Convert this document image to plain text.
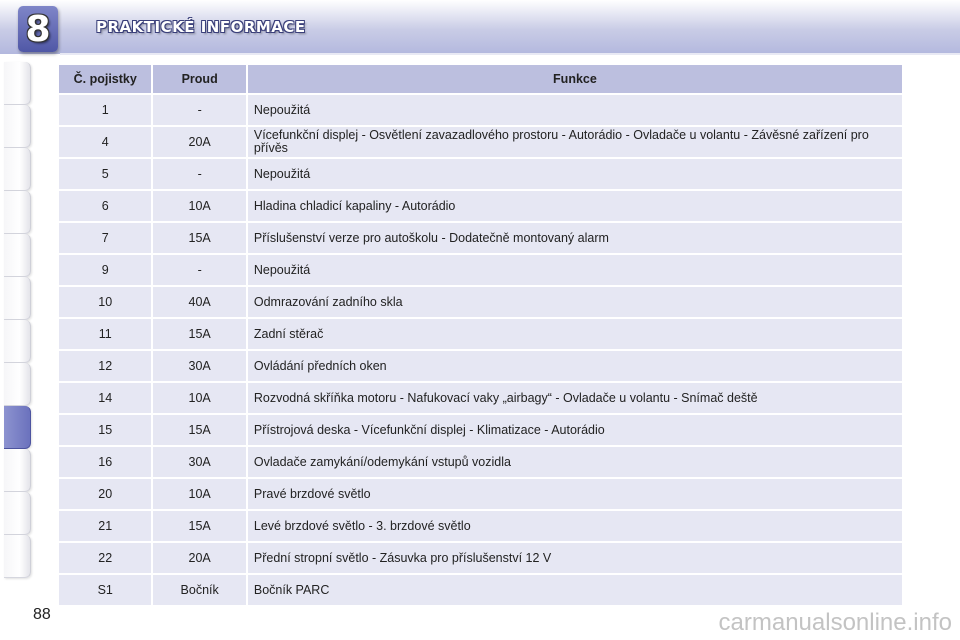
8	PRAKTICKÉ INFORMACE
Č. pojistky	Proud	Funkce
1	-	Nepoužitá
4	20A	Vícefunkční displej - Osvětlení zavazadlového prostoru - Autorádio - Ovladače u volantu - Závěsné zařízení pro přívěs
5	-	Nepoužitá
6	10A	Hladina chladicí kapaliny - Autorádio
7	15A	Příslušenství verze pro autoškolu - Dodatečně montovaný alarm
9	-	Nepoužitá
10	40A	Odmrazování zadního skla
11	15A	Zadní stěrač
12	30A	Ovládání předních oken
14	10A	Rozvodná skříňka motoru - Nafukovací vaky „airbagy“ - Ovladače u volantu - Snímač deště
15	15A	Přístrojová deska - Vícefunkční displej - Klimatizace - Autorádio
16	30A	Ovladače zamykání/odemykání vstupů vozidla
20	10A	Pravé brzdové světlo
21	15A	Levé brzdové světlo - 3. brzdové světlo
22	20A	Přední stropní světlo - Zásuvka pro příslušenství 12 V
S1	Bočník	Bočník PARC
88	carmanualsonline.info
